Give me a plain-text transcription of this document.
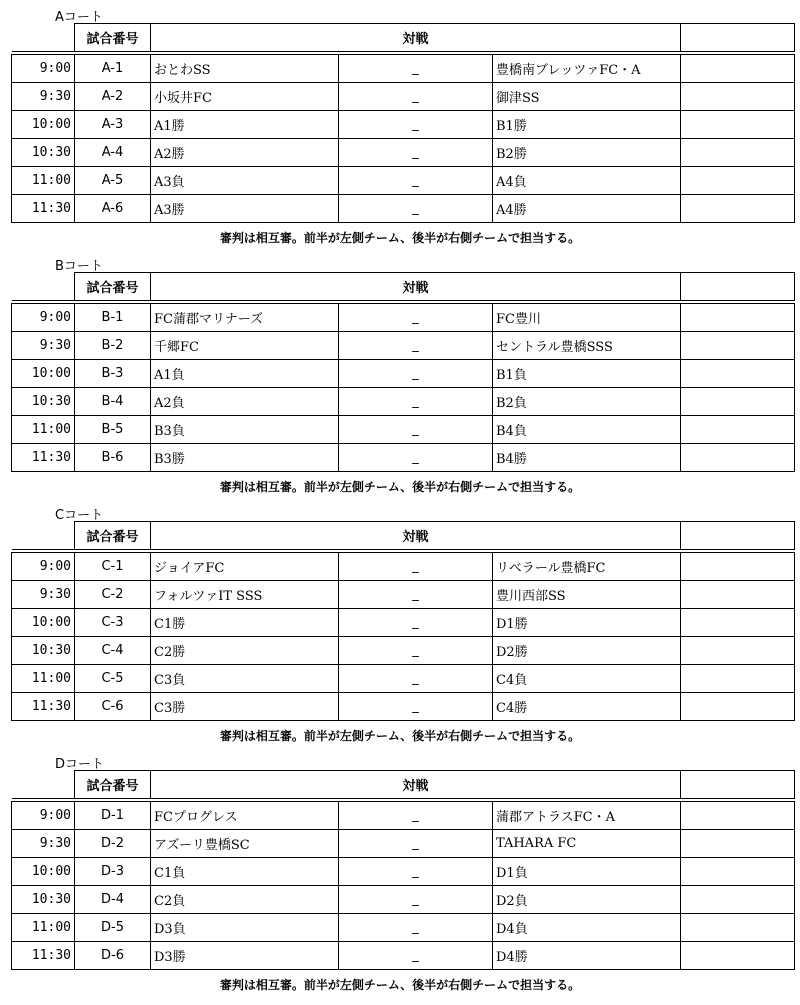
Aコート
	試合番号	対戦			

9:00	A-1	おとわSS	_	豊橋南ブレッツァFC・A	
9:30	A-2	小坂井FC	_	御津SS	
10:00	A-3	A1勝	_	B1勝	
10:30	A-4	A2勝	_	B2勝	
11:00	A-5	A3負	_	A4負	
11:30	A-6	A3勝	_	A4勝	
審判は相互審。前半が左側チーム、後半が右側チームで担当する。
Bコート
	試合番号	対戦			

9:00	B-1	FC蒲郡マリナーズ	_	FC豊川	
9:30	B-2	千郷FC	_	セントラル豊橋SSS	
10:00	B-3	A1負	_	B1負	
10:30	B-4	A2負	_	B2負	
11:00	B-5	B3負	_	B4負	
11:30	B-6	B3勝	_	B4勝	
審判は相互審。前半が左側チーム、後半が右側チームで担当する。
Cコート
	試合番号	対戦			

9:00	C-1	ジョイアFC	_	リベラール豊橋FC	
9:30	C-2	フォルツァIT SSS	_	豊川西部SS	
10:00	C-3	C1勝	_	D1勝	
10:30	C-4	C2勝	_	D2勝	
11:00	C-5	C3負	_	C4負	
11:30	C-6	C3勝	_	C4勝	
審判は相互審。前半が左側チーム、後半が右側チームで担当する。
Dコート
	試合番号	対戦			

9:00	D-1	FCプログレス	_	蒲郡アトラスFC・A	
9:30	D-2	アズーリ豊橋SC	_	TAHARA FC	
10:00	D-3	C1負	_	D1負	
10:30	D-4	C2負	_	D2負	
11:00	D-5	D3負	_	D4負	
11:30	D-6	D3勝	_	D4勝	
審判は相互審。前半が左側チーム、後半が右側チームで担当する。
